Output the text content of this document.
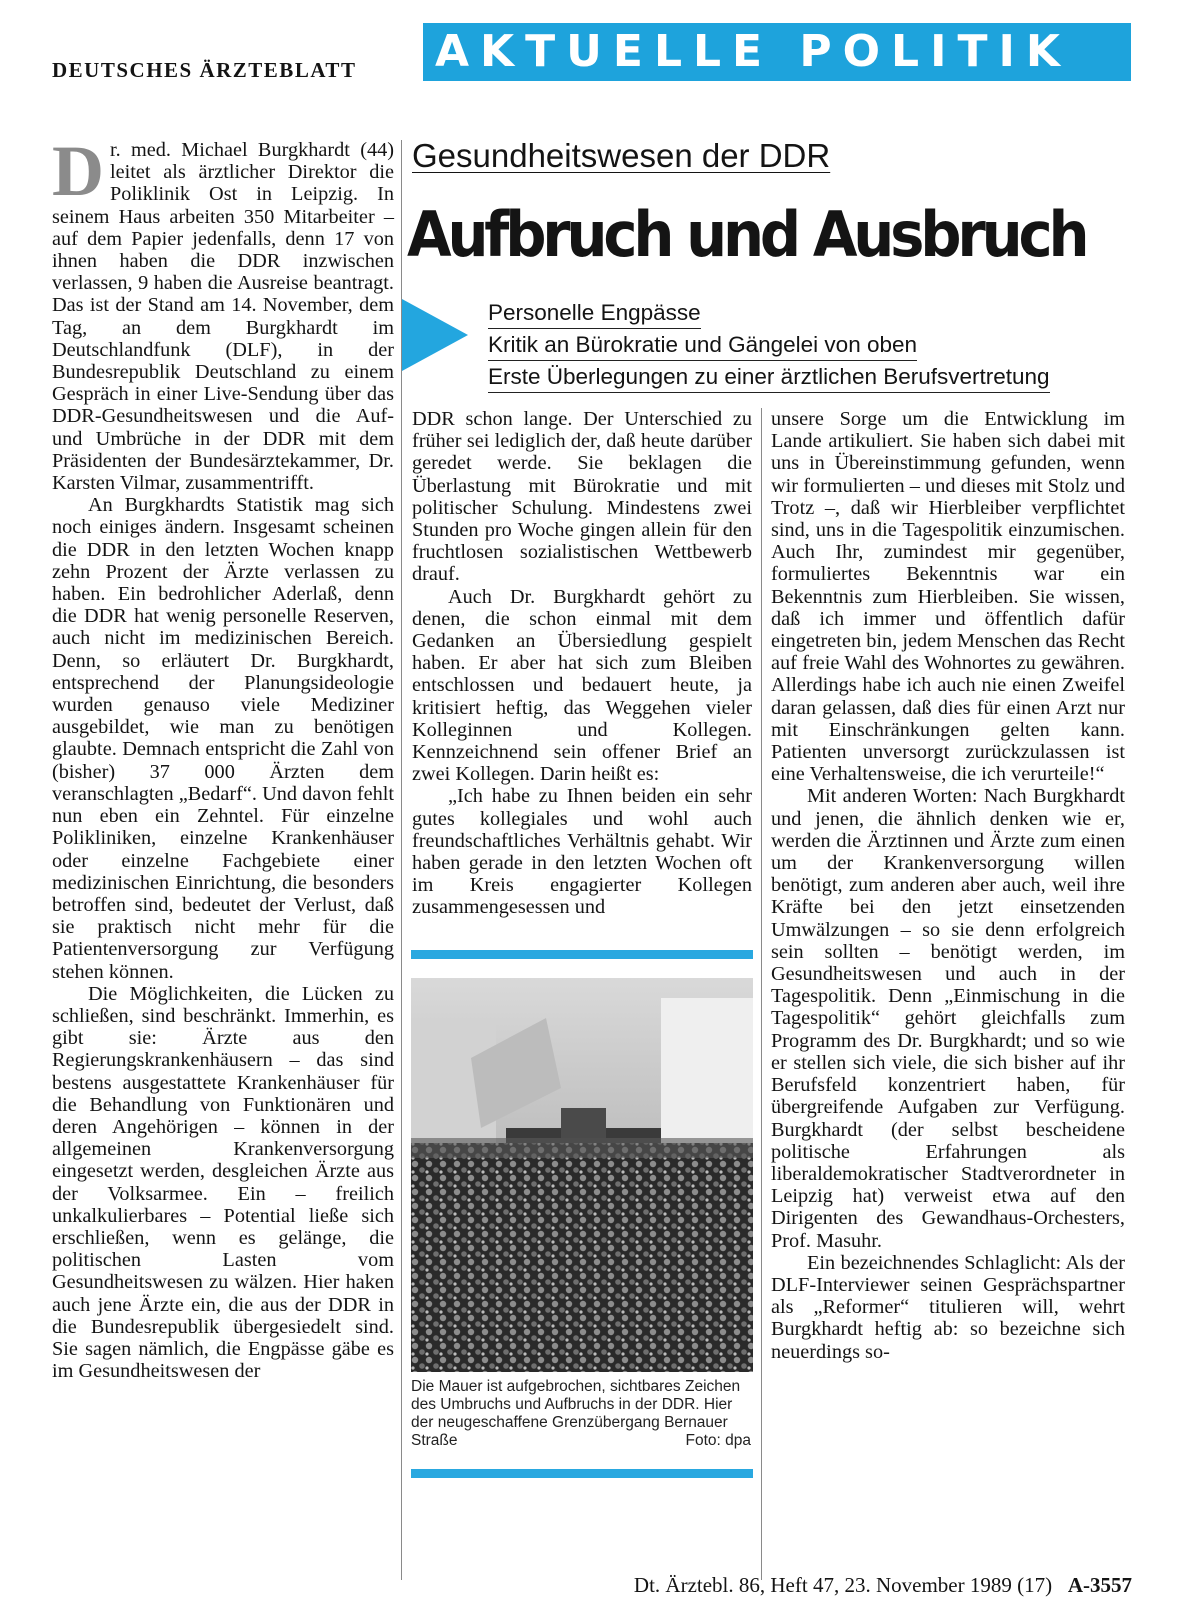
DEUTSCHES ÄRZTEBLATT AKTUELLE POLITIK
Gesundheitswesen der DDR
Aufbruch und Ausbruch
Personelle Engpässe
Kritik an Bürokratie und Gängelei von oben
Erste Überlegungen zu einer ärztlichen Berufsvertretung

Dr. med. Michael Burgkhardt (44) leitet als ärztlicher Direktor die Poliklinik Ost in Leipzig. In seinem Haus arbeiten 350 Mitarbeiter – auf dem Papier jedenfalls, denn 17 von ihnen haben die DDR inzwischen verlassen, 9 haben die Ausreise beantragt. Das ist der Stand am 14. November, dem Tag, an dem Burgkhardt im Deutschlandfunk (DLF), in der Bundesrepublik Deutschland zu einem Gespräch in einer Live-Sendung über das DDR-Gesundheitswesen und die Auf- und Umbrüche in der DDR mit dem Präsidenten der Bundesärztekammer, Dr. Karsten Vilmar, zusammentrifft.

An Burgkhardts Statistik mag sich noch einiges ändern. Insgesamt scheinen die DDR in den letzten Wochen knapp zehn Prozent der Ärzte verlassen zu haben. Ein bedrohlicher Aderlaß, denn die DDR hat wenig personelle Reserven, auch nicht im medizinischen Bereich. Denn, so erläutert Dr. Burgkhardt, entsprechend der Planungsideologie wurden genauso viele Mediziner ausgebildet, wie man zu benötigen glaubte. Demnach entspricht die Zahl von (bisher) 37 000 Ärzten dem veranschlagten „Bedarf“. Und davon fehlt nun eben ein Zehntel. Für einzelne Polikliniken, einzelne Krankenhäuser oder einzelne Fachgebiete einer medizinischen Einrichtung, die besonders betroffen sind, bedeutet der Verlust, daß sie praktisch nicht mehr für die Patientenversorgung zur Verfügung stehen können.

Die Möglichkeiten, die Lücken zu schließen, sind beschränkt. Immerhin, es gibt sie: Ärzte aus den Regierungskrankenhäusern – das sind bestens ausgestattete Krankenhäuser für die Behandlung von Funktionären und deren Angehörigen – können in der allgemeinen Krankenversorgung eingesetzt werden, desgleichen Ärzte aus der Volksarmee. Ein – freilich unkalkulierbares – Potential ließe sich erschließen, wenn es gelänge, die politischen Lasten vom Gesundheitswesen zu wälzen. Hier haken auch jene Ärzte ein, die aus der DDR in die Bundesrepublik übergesiedelt sind. Sie sagen nämlich, die Engpässe gäbe es im Gesundheitswesen der

DDR schon lange. Der Unterschied zu früher sei lediglich der, daß heute darüber geredet werde. Sie beklagen die Überlastung mit Bürokratie und mit politischer Schulung. Mindestens zwei Stunden pro Woche gingen allein für den fruchtlosen sozialistischen Wettbewerb drauf.

Auch Dr. Burgkhardt gehört zu denen, die schon einmal mit dem Gedanken an Übersiedlung gespielt haben. Er aber hat sich zum Bleiben entschlossen und bedauert heute, ja kritisiert heftig, das Weggehen vieler Kolleginnen und Kollegen. Kennzeichnend sein offener Brief an zwei Kollegen. Darin heißt es:

„Ich habe zu Ihnen beiden ein sehr gutes kollegiales und wohl auch freundschaftliches Verhältnis gehabt. Wir haben gerade in den letzten Wochen oft im Kreis engagierter Kollegen zusammengesessen und

Die Mauer ist aufgebrochen, sichtbares Zeichen des Umbruchs und Aufbruchs in der DDR. Hier der neugeschaffene Grenzübergang Bernauer Straße	Foto: dpa

unsere Sorge um die Entwicklung im Lande artikuliert. Sie haben sich dabei mit uns in Übereinstimmung gefunden, wenn wir formulierten – und dieses mit Stolz und Trotz –, daß wir Hierbleiber verpflichtet sind, uns in die Tagespolitik einzumischen. Auch Ihr, zumindest mir gegenüber, formuliertes Bekenntnis war ein Bekenntnis zum Hierbleiben. Sie wissen, daß ich immer und öffentlich dafür eingetreten bin, jedem Menschen das Recht auf freie Wahl des Wohnortes zu gewähren. Allerdings habe ich auch nie einen Zweifel daran gelassen, daß dies für einen Arzt nur mit Einschränkungen gelten kann. Patienten unversorgt zurückzulassen ist eine Verhaltensweise, die ich verurteile!“

Mit anderen Worten: Nach Burgkhardt und jenen, die ähnlich denken wie er, werden die Ärztinnen und Ärzte zum einen um der Krankenversorgung willen benötigt, zum anderen aber auch, weil ihre Kräfte bei den jetzt einsetzenden Umwälzungen – so sie denn erfolgreich sein sollten – benötigt werden, im Gesundheitswesen und auch in der Tagespolitik. Denn „Einmischung in die Tagespolitik“ gehört gleichfalls zum Programm des Dr. Burgkhardt; und so wie er stellen sich viele, die sich bisher auf ihr Berufsfeld konzentriert haben, für übergreifende Aufgaben zur Verfügung. Burgkhardt (der selbst bescheidene politische Erfahrungen als liberaldemokratischer Stadtverordneter in Leipzig hat) verweist etwa auf den Dirigenten des Gewandhaus-Orchesters, Prof. Masuhr.

Ein bezeichnendes Schlaglicht: Als der DLF-Interviewer seinen Gesprächspartner als „Reformer“ titulieren will, wehrt Burgkhardt heftig ab: so bezeichne sich neuerdings so-

Dt. Ärztebl. 86, Heft 47, 23. November 1989 (17) A-3557
